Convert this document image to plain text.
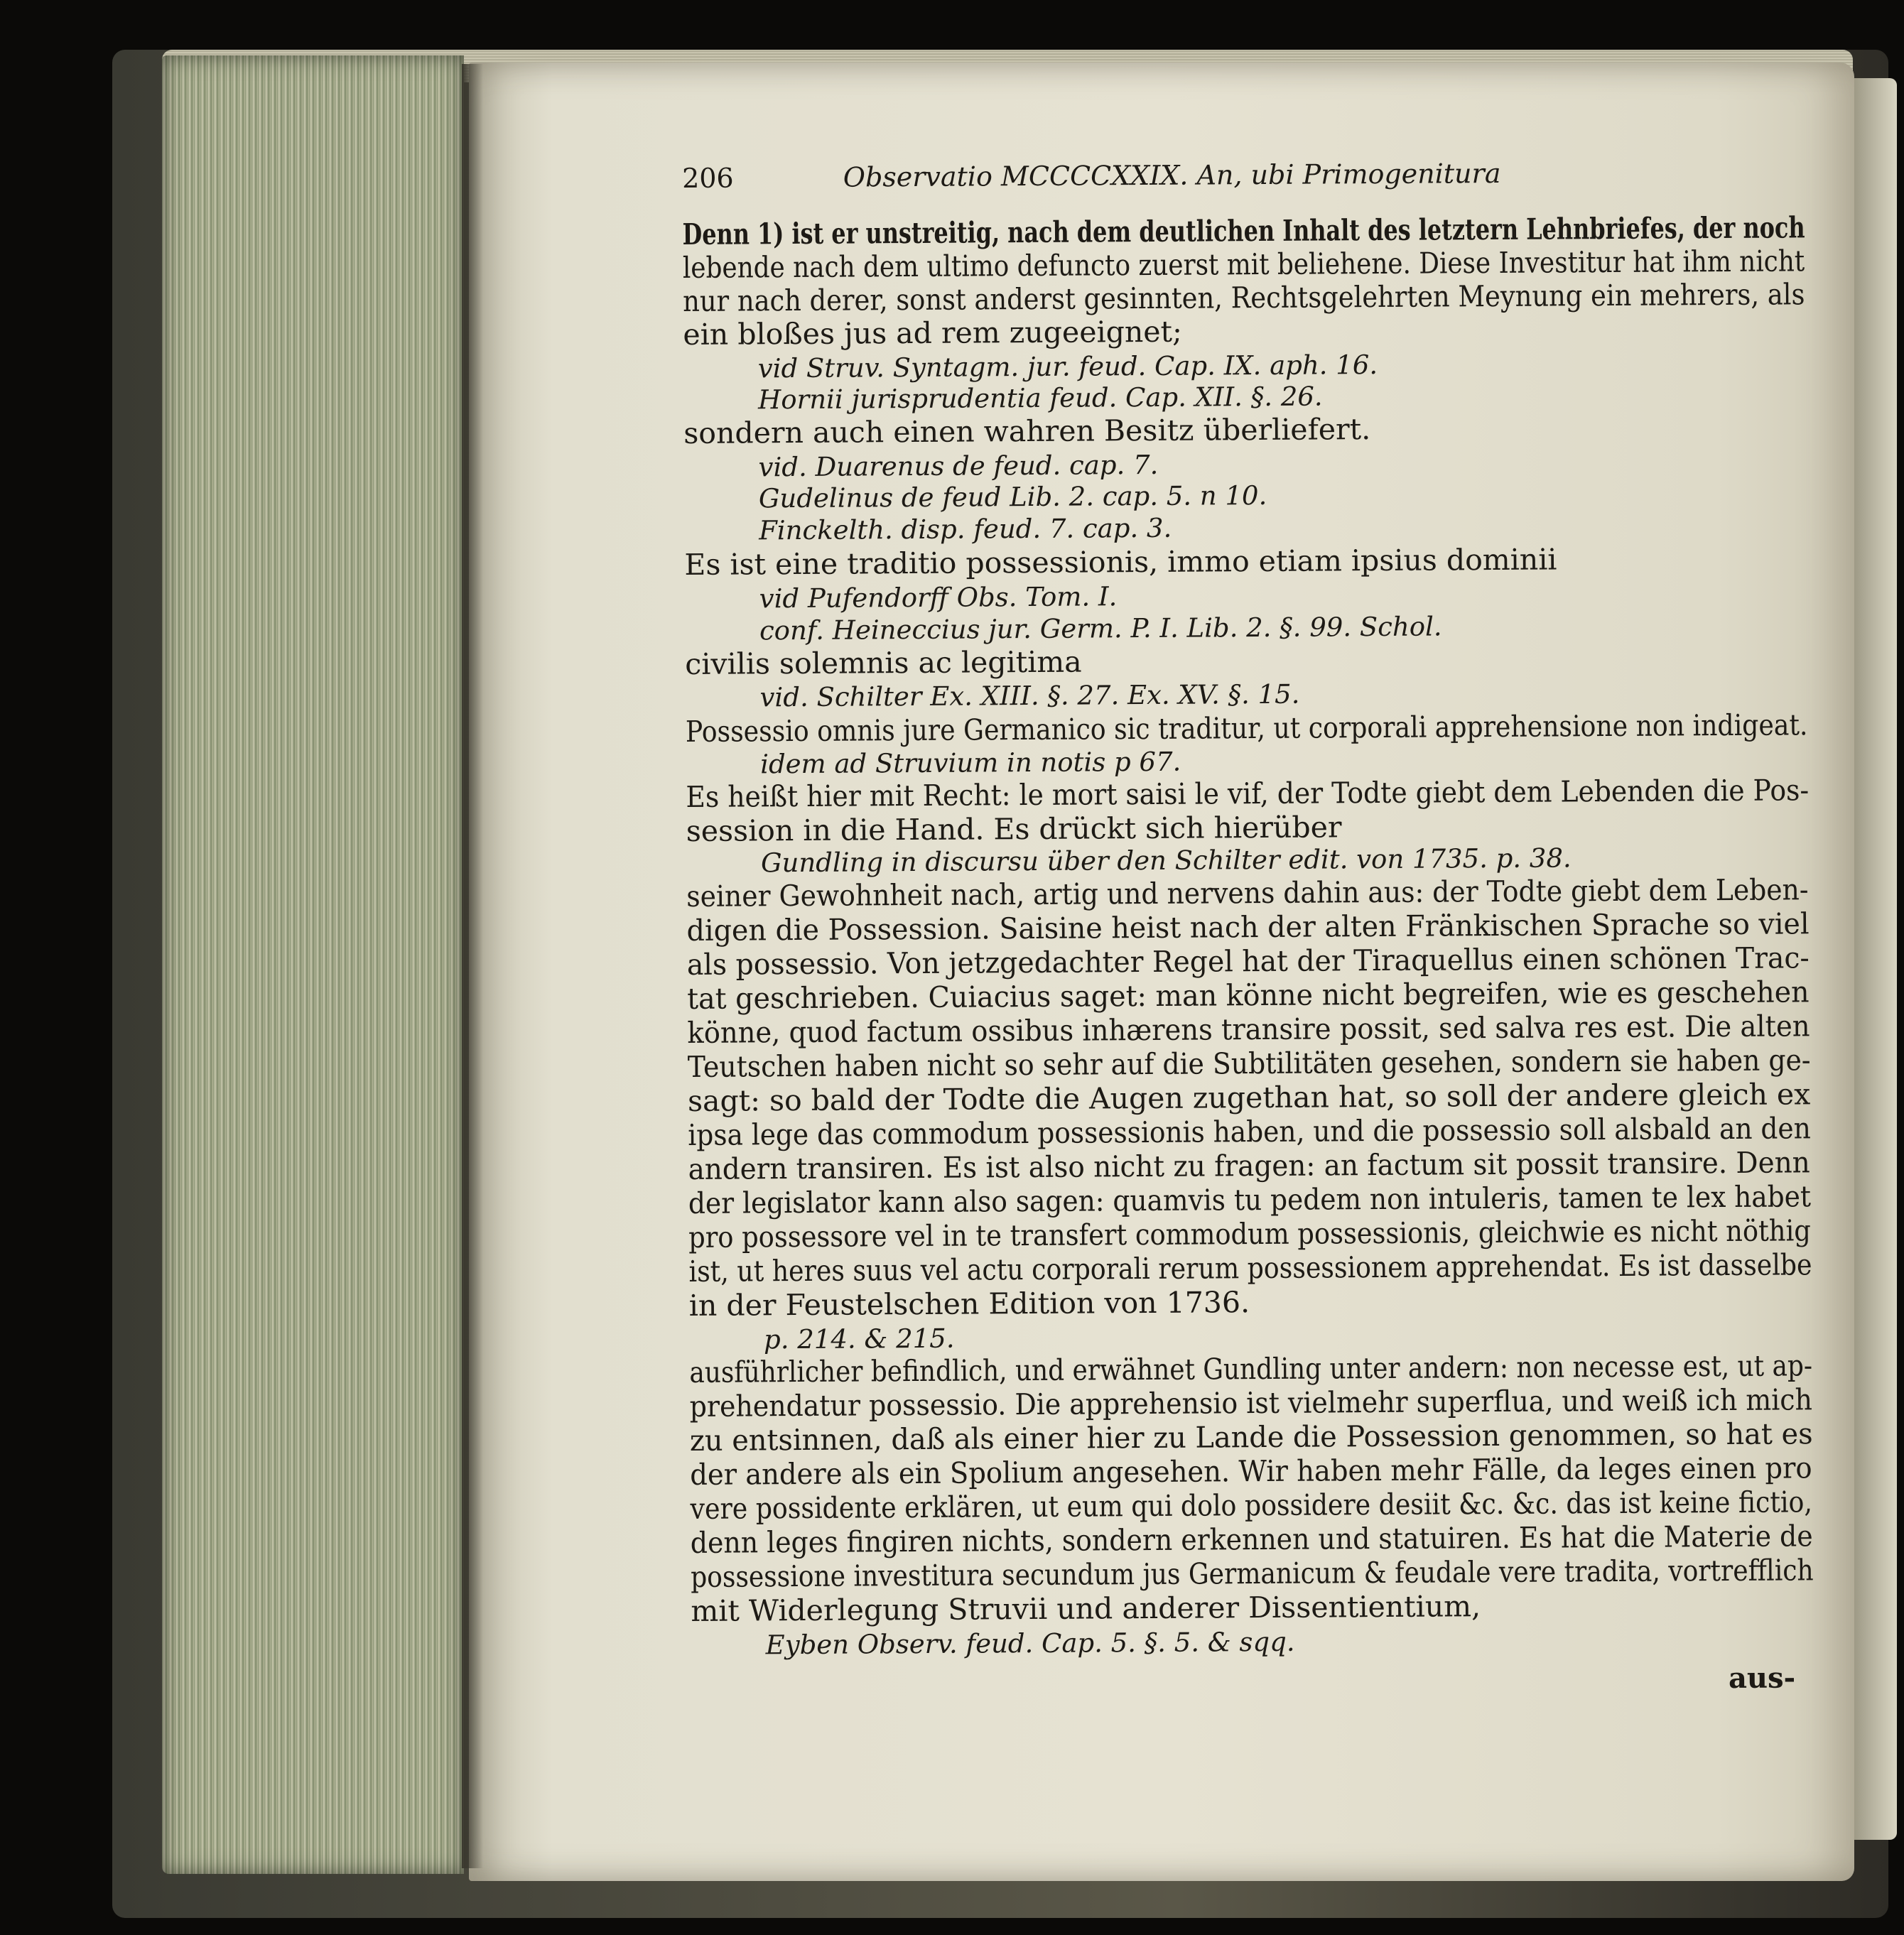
206	Observatio MCCCCXXIX. An, ubi Primogenitura
Denn 1) ist er unstreitig, nach dem deutlichen Inhalt des letztern Lehnbriefes, der noch
lebende nach dem ultimo defuncto zuerst mit beliehene. Diese Investitur hat ihm nicht
nur nach derer, sonst anderst gesinnten, Rechtsgelehrten Meynung ein mehrers, als
ein bloßes jus ad rem zugeeignet;
vid Struv. Syntagm. jur. feud. Cap. IX. aph. 16.
Hornii jurisprudentia feud. Cap. XII. §. 26.
sondern auch einen wahren Besitz überliefert.
vid. Duarenus de feud. cap. 7.
Gudelinus de feud Lib. 2. cap. 5. n 10.
Finckelth. disp. feud. 7. cap. 3.
Es ist eine traditio possessionis, immo etiam ipsius dominii
vid Pufendorff Obs. Tom. I.
conf. Heineccius jur. Germ. P. I. Lib. 2. §. 99. Schol.
civilis solemnis ac legitima
vid. Schilter Ex. XIII. §. 27. Ex. XV. §. 15.
Possessio omnis jure Germanico sic traditur, ut corporali apprehensione non indigeat.
idem ad Struvium in notis p 67.
Es heißt hier mit Recht: le mort saisi le vif, der Todte giebt dem Lebenden die Pos-
session in die Hand. Es drückt sich hierüber
Gundling in discursu über den Schilter edit. von 1735. p. 38.
seiner Gewohnheit nach, artig und nervens dahin aus: der Todte giebt dem Leben-
digen die Possession. Saisine heist nach der alten Fränkischen Sprache so viel
als possessio. Von jetzgedachter Regel hat der Tiraquellus einen schönen Trac-
tat geschrieben. Cuiacius saget: man könne nicht begreifen, wie es geschehen
könne, quod factum ossibus inhærens transire possit, sed salva res est. Die alten
Teutschen haben nicht so sehr auf die Subtilitäten gesehen, sondern sie haben ge-
sagt: so bald der Todte die Augen zugethan hat, so soll der andere gleich ex
ipsa lege das commodum possessionis haben, und die possessio soll alsbald an den
andern transiren. Es ist also nicht zu fragen: an factum sit possit transire. Denn
der legislator kann also sagen: quamvis tu pedem non intuleris, tamen te lex habet
pro possessore vel in te transfert commodum possessionis, gleichwie es nicht nöthig
ist, ut heres suus vel actu corporali rerum possessionem apprehendat. Es ist dasselbe
in der Feustelschen Edition von 1736.
p. 214. & 215.
ausführlicher befindlich, und erwähnet Gundling unter andern: non necesse est, ut ap-
prehendatur possessio. Die apprehensio ist vielmehr superflua, und weiß ich mich
zu entsinnen, daß als einer hier zu Lande die Possession genommen, so hat es
der andere als ein Spolium angesehen. Wir haben mehr Fälle, da leges einen pro
vere possidente erklären, ut eum qui dolo possidere desiit &c. &c. das ist keine fictio,
denn leges fingiren nichts, sondern erkennen und statuiren. Es hat die Materie de
possessione investitura secundum jus Germanicum & feudale vere tradita, vortrefflich
mit Widerlegung Struvii und anderer Dissentientium,
Eyben Observ. feud. Cap. 5. §. 5. & sqq.
aus-
